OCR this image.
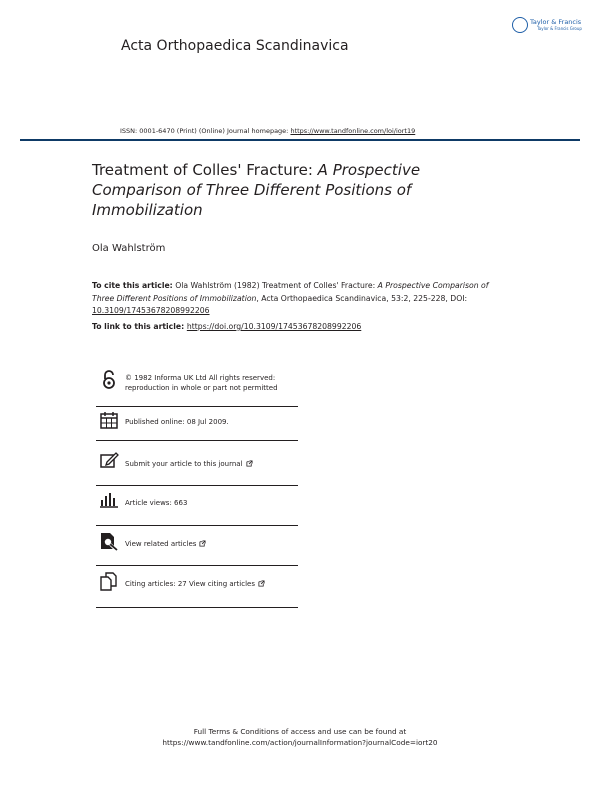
Acta Orthopaedica Scandinavica
Taylor & Francis
Taylor & Francis Group
ISSN: 0001-6470 (Print) (Online) Journal homepage: https://www.tandfonline.com/loi/iort19
Treatment of Colles' Fracture: A Prospective Comparison of Three Different Positions of Immobilization
Ola Wahlström
To cite this article: Ola Wahlström (1982) Treatment of Colles' Fracture: A Prospective Comparison of Three Different Positions of Immobilization, Acta Orthopaedica Scandinavica, 53:2, 225-228, DOI: 10.3109/17453678208992206
To link to this article: https://doi.org/10.3109/17453678208992206
© 1982 Informa UK Ltd All rights reserved:
reproduction in whole or part not permitted
Published online: 08 Jul 2009.
Submit your article to this journal
Article views: 663
View related articles
Citing articles: 27 View citing articles
Full Terms & Conditions of access and use can be found at
https://www.tandfonline.com/action/journalInformation?journalCode=iort20
